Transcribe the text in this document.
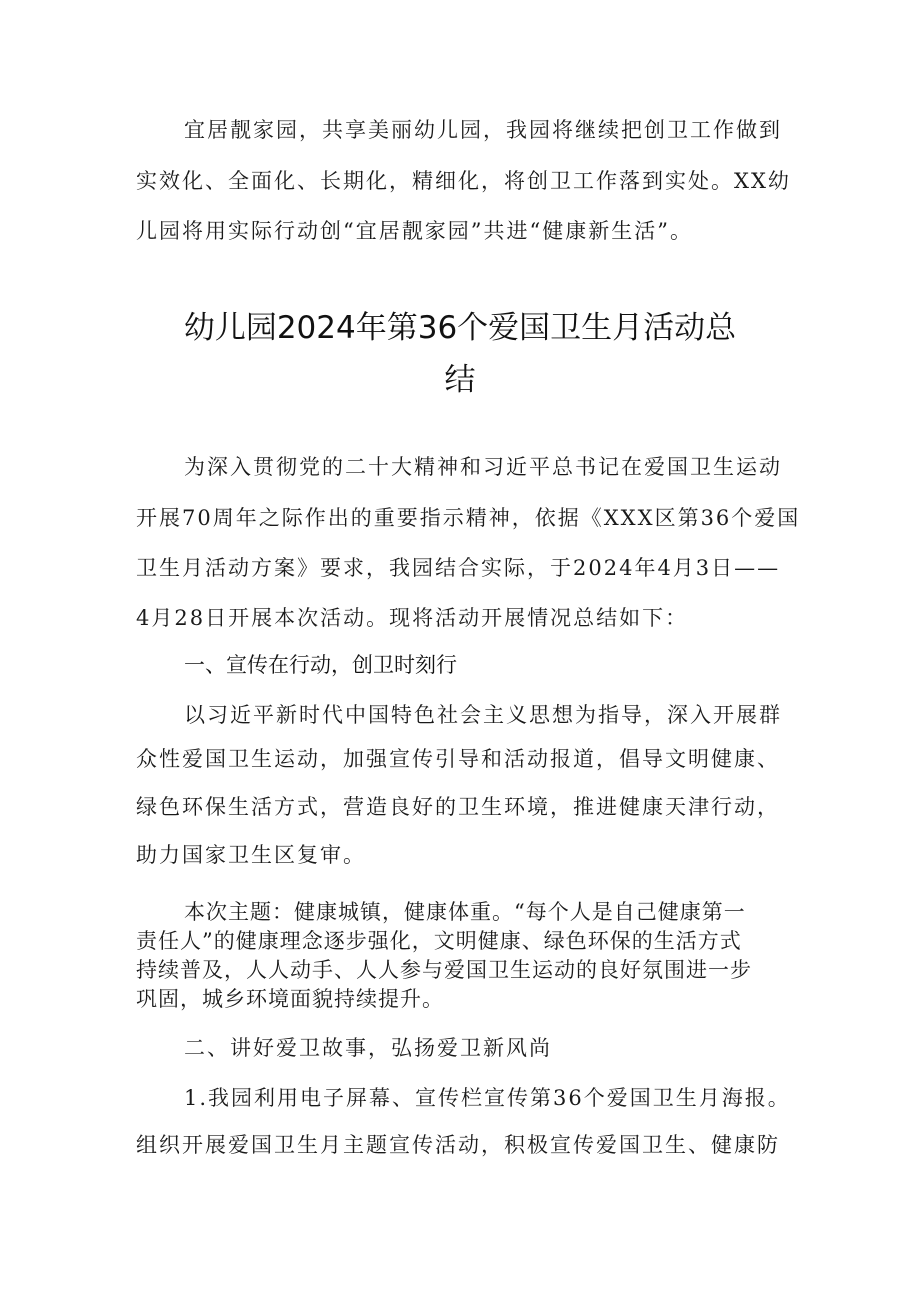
宜居靓家园，共享美丽幼儿园，我园将继续把创卫工作做到
实效化、全面化、长期化，精细化，将创卫工作落到实处。XX幼
儿园将用实际行动创“宜居靓家园”共进“健康新生活”。
幼儿园2024年第36个爱国卫生月活动总
结
为深入贯彻党的二十大精神和习近平总书记在爱国卫生运动
开展70周年之际作出的重要指示精神，依据《XXX区第36个爱国
卫生月活动方案》要求，我园结合实际，于2024年4月3日——
4月28日开展本次活动。现将活动开展情况总结如下：
一、宣传在行动，创卫时刻行
以习近平新时代中国特色社会主义思想为指导，深入开展群
众性爱国卫生运动，加强宣传引导和活动报道，倡导文明健康、
绿色环保生活方式，营造良好的卫生环境，推进健康天津行动，
助力国家卫生区复审。
本次主题：健康城镇，健康体重。“每个人是自己健康第一
责任人”的健康理念逐步强化，文明健康、绿色环保的生活方式
持续普及，人人动手、人人参与爱国卫生运动的良好氛围进一步
巩固，城乡环境面貌持续提升。
二、讲好爱卫故事，弘扬爱卫新风尚
1.我园利用电子屏幕、宣传栏宣传第36个爱国卫生月海报。
组织开展爱国卫生月主题宣传活动，积极宣传爱国卫生、健康防
